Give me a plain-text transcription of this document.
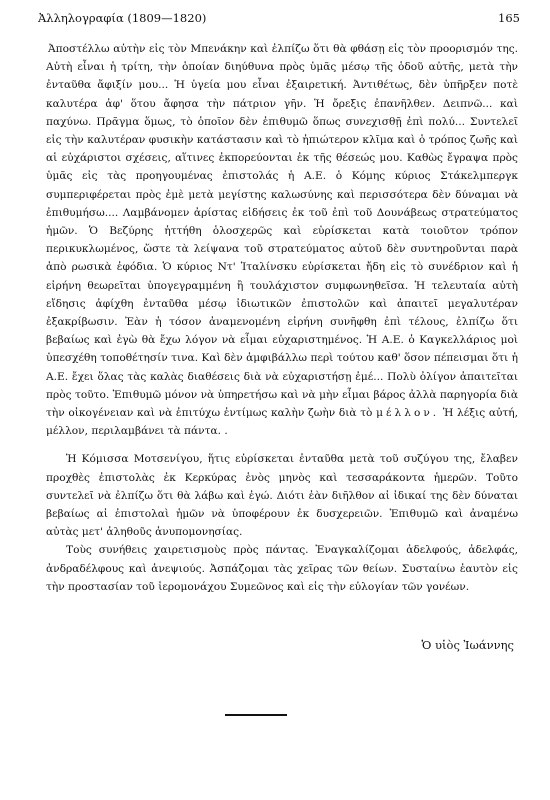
Ἀλληλογραφία (1809—1820)	165

Ἀποστέλλω αὐτὴν εἰς τὸν Μπενάκην καὶ ἐλπίζω ὅτι θὰ φθάσῃ εἰς τὸν προορισμόν της. Αὐτὴ εἶναι ἡ τρίτη, τὴν ὁποίαν διηύθυνα πρὸς ὑμᾶς μέσῳ τῆς ὁδοῦ αὐτῆς, μετὰ τὴν ἐνταῦθα ἄφιξίν μου... Ἡ ὑγεία μου εἶναι ἐξαιρετική. Ἀντιθέτως, δὲν ὑπῆρξεν ποτὲ καλυτέρα ἀφ' ὅτου ἄφησα τὴν πάτριον γῆν. Ἡ ὄρεξις ἐπανῆλθεν. Δειπνῶ... καὶ παχύνω. Πρᾶγμα ὅμως, τὸ ὁποῖον δὲν ἐπιθυμῶ ὅπως συνεχισθῇ ἐπὶ πολύ... Συντελεῖ εἰς τὴν καλυτέραν φυσικὴν κατάστασιν καὶ τὸ ἠπιώτερον κλῖμα καὶ ὁ τρόπος ζωῆς καὶ αἱ εὐχάριστοι σχέσεις, αἵτινες ἐκπορεύονται ἐκ τῆς θέσεώς μου. Καθὼς ἔγραψα πρὸς ὑμᾶς εἰς τὰς προηγουμένας ἐπιστολάς ἡ Α.Ε. ὁ Κόμης κύριος Στάκελμπεργκ συμπεριφέρεται πρὸς ἐμὲ μετὰ μεγίστης καλωσύνης καὶ περισσότερα δὲν δύναμαι νὰ ἐπιθυμήσω.... Λαμβάνομεν ἀρίστας εἰδήσεις ἐκ τοῦ ἐπὶ τοῦ Δουνάβεως στρατεύματος ἡμῶν. Ὁ Βεζύρης ἡττήθη ὁλοσχερῶς καὶ εὑρίσκεται κατὰ τοιοῦτον τρόπον περικυκλωμένος, ὥστε τὰ λείψανα τοῦ στρατεύματος αὐτοῦ δὲν συντηροῦνται παρὰ ἀπὸ ρωσικὰ ἐφόδια. Ὁ κύριος Ντ' Ἰταλίνσκυ εὑρίσκεται ἤδη εἰς τὸ συνέδριον καὶ ἡ εἰρήνη θεωρεῖται ὑπογεγραμμένη ἢ τουλάχιστον συμφωνηθεῖσα. Ἡ τελευταία αὐτὴ εἴδησις ἀφίχθη ἐνταῦθα μέσῳ ἰδιωτικῶν ἐπιστολῶν καὶ ἀπαιτεῖ μεγαλυτέραν ἐξακρίβωσιν. Ἐὰν ἡ τόσον ἀναμενομένη εἰρήνη συνῆφθη ἐπὶ τέλους, ἐλπίζω ὅτι βεβαίως καὶ ἐγὼ θὰ ἔχω λόγον νὰ εἶμαι εὐχαριστημένος. Ἡ Α.Ε. ὁ Καγκελλάριος μοὶ ὑπεσχέθη τοποθέτησίν τινα. Καὶ δὲν ἀμφιβάλλω περὶ τούτου καθ' ὅσον πέπεισμαι ὅτι ἡ Α.Ε. ἔχει ὅλας τὰς καλὰς διαθέσεις διὰ νὰ εὐχαριστήσῃ ἐμέ... Πολὺ ὀλίγον ἀπαιτεῖται πρὸς τοῦτο. Ἐπιθυμῶ μόνον νὰ ὑπηρετήσω καὶ νὰ μὴν εἶμαι βάρος ἀλλὰ παρηγορία διὰ τὴν οἰκογένειαν καὶ νὰ ἐπιτύχω ἐντίμως καλὴν ζωὴν διὰ τὸ μέλλον. Ἡ λέξις αὐτή, μέλλον, περιλαμβάνει τὰ πάντα. .

Ἡ Κόμισσα Μοτσενίγου, ἥτις εὑρίσκεται ἐνταῦθα μετὰ τοῦ συζύγου της, ἔλαβεν προχθὲς ἐπιστολὰς ἐκ Κερκύρας ἑνὸς μηνὸς καὶ τεσσαράκοντα ἡμερῶν. Τοῦτο συντελεῖ νὰ ἐλπίζω ὅτι θὰ λάβω καὶ ἐγώ. Διότι ἐὰν διῆλθον αἱ ἰδικαί της δὲν δύναται βεβαίως αἱ ἐπιστολαὶ ἡμῶν νὰ ὑποφέρουν ἐκ δυσχερειῶν. Ἐπιθυμῶ καὶ ἀναμένω αὐτὰς μετ' ἀληθοῦς ἀνυπομονησίας.

Τοὺς συνήθεις χαιρετισμοὺς πρὸς πάντας. Ἐναγκαλίζομαι ἀδελφούς, ἀδελφάς, ἀνδραδέλφους καὶ ἀνεψιούς. Ἀσπάζομαι τὰς χεῖρας τῶν θείων. Συσταίνω ἑαυτὸν εἰς τὴν προστασίαν τοῦ ἱερομονάχου Συμεῶνος καὶ εἰς τὴν εὐλογίαν τῶν γονέων.

Ὁ υἱὸς Ἰωάννης
